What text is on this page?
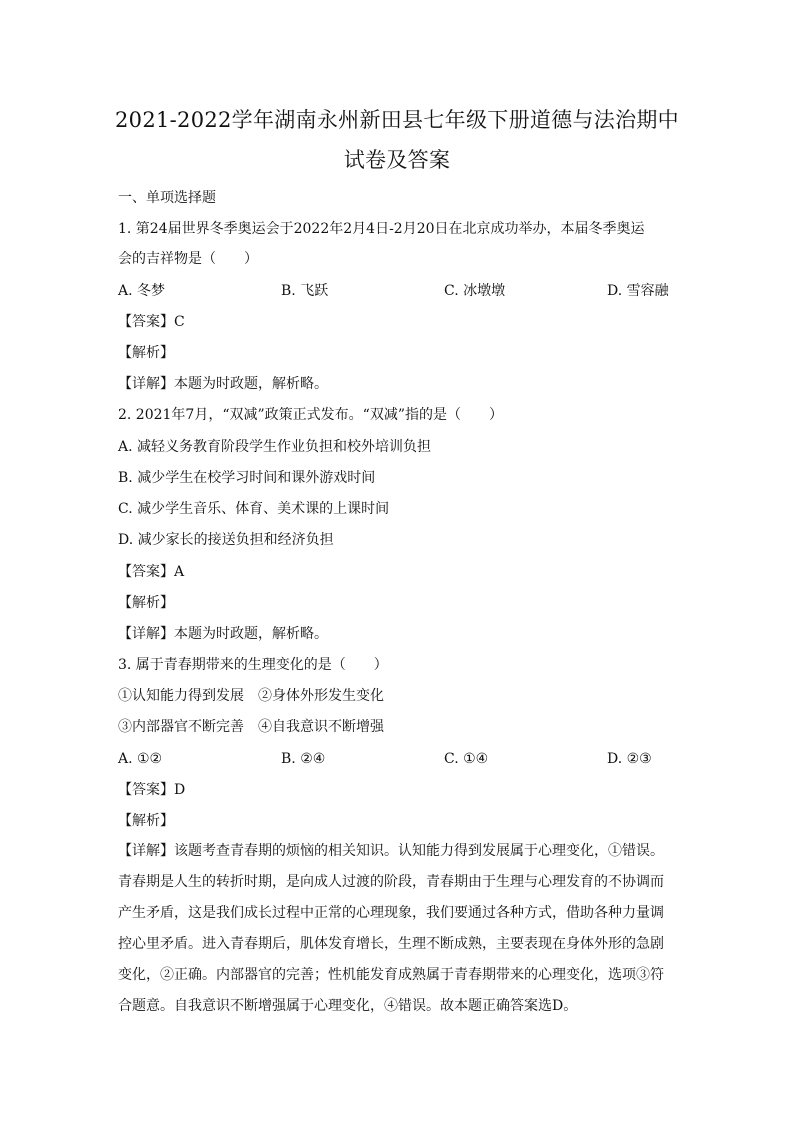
2021-2022学年湖南永州新田县七年级下册道德与法治期中
试卷及答案
一、单项选择题
1. 第24届世界冬季奥运会于2022年2月4日-2月20日在北京成功举办，本届冬季奥运
会的吉祥物是（　　）
A. 冬梦	B. 飞跃	C. 冰墩墩	D. 雪容融
【答案】C
【解析】
【详解】本题为时政题，解析略。
2. 2021年7月，“双减”政策正式发布。“双减”指的是（　　）
A. 减轻义务教育阶段学生作业负担和校外培训负担
B. 减少学生在校学习时间和课外游戏时间
C. 减少学生音乐、体育、美术课的上课时间
D. 减少家长的接送负担和经济负担
【答案】A
【解析】
【详解】本题为时政题，解析略。
3. 属于青春期带来的生理变化的是（　　）
①认知能力得到发展　②身体外形发生变化
③内部器官不断完善　④自我意识不断增强
A. ①②	B. ②④	C. ①④	D. ②③
【答案】D
【解析】
【详解】该题考查青春期的烦恼的相关知识。认知能力得到发展属于心理变化，①错误。
青春期是人生的转折时期，是向成人过渡的阶段，青春期由于生理与心理发育的不协调而
产生矛盾，这是我们成长过程中正常的心理现象，我们要通过各种方式，借助各种力量调
控心里矛盾。进入青春期后，肌体发育增长，生理不断成熟，主要表现在身体外形的急剧
变化，②正确。内部器官的完善；性机能发育成熟属于青春期带来的心理变化，选项③符
合题意。自我意识不断增强属于心理变化，④错误。故本题正确答案选D。
